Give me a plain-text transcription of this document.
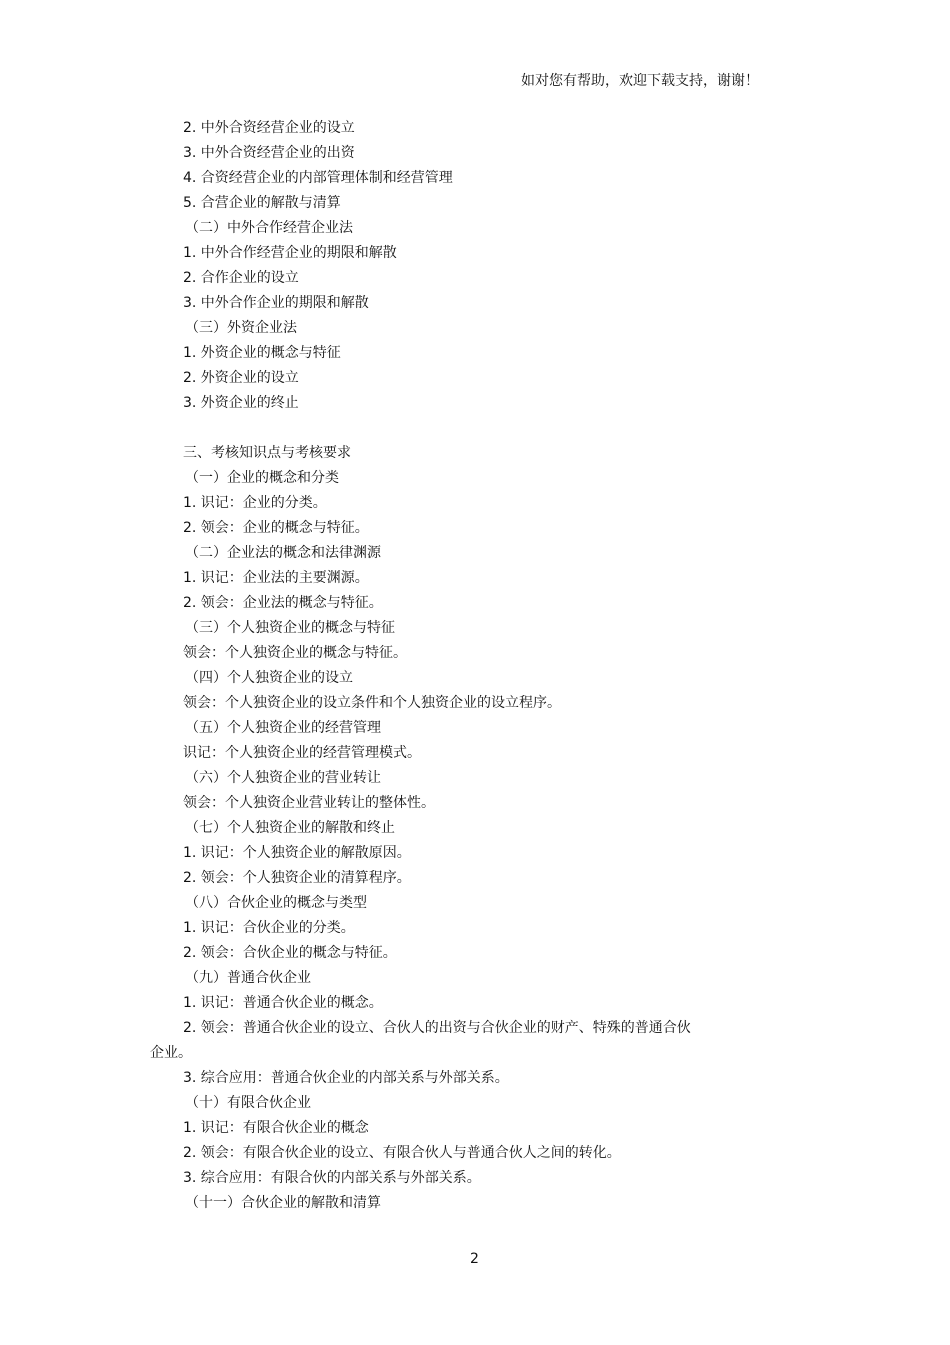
如对您有帮助，欢迎下载支持，谢谢！
2. 中外合资经营企业的设立
3. 中外合资经营企业的出资
4. 合资经营企业的内部管理体制和经营管理
5. 合营企业的解散与清算
（二）中外合作经营企业法
1. 中外合作经营企业的期限和解散
2. 合作企业的设立
3. 中外合作企业的期限和解散
（三）外资企业法
1. 外资企业的概念与特征
2. 外资企业的设立
3. 外资企业的终止
三、考核知识点与考核要求
（一）企业的概念和分类
1. 识记：企业的分类。
2. 领会：企业的概念与特征。
（二）企业法的概念和法律渊源
1. 识记：企业法的主要渊源。
2. 领会：企业法的概念与特征。
（三）个人独资企业的概念与特征
领会：个人独资企业的概念与特征。
（四）个人独资企业的设立
领会：个人独资企业的设立条件和个人独资企业的设立程序。
（五）个人独资企业的经营管理
识记：个人独资企业的经营管理模式。
（六）个人独资企业的营业转让
领会：个人独资企业营业转让的整体性。
（七）个人独资企业的解散和终止
1. 识记：个人独资企业的解散原因。
2. 领会：个人独资企业的清算程序。
（八）合伙企业的概念与类型
1. 识记：合伙企业的分类。
2. 领会：合伙企业的概念与特征。
（九）普通合伙企业
1. 识记：普通合伙企业的概念。
2. 领会：普通合伙企业的设立、合伙人的出资与合伙企业的财产、特殊的普通合伙
企业。
3. 综合应用：普通合伙企业的内部关系与外部关系。
（十）有限合伙企业
1. 识记：有限合伙企业的概念
2. 领会：有限合伙企业的设立、有限合伙人与普通合伙人之间的转化。
3. 综合应用：有限合伙的内部关系与外部关系。
（十一）合伙企业的解散和清算
2
